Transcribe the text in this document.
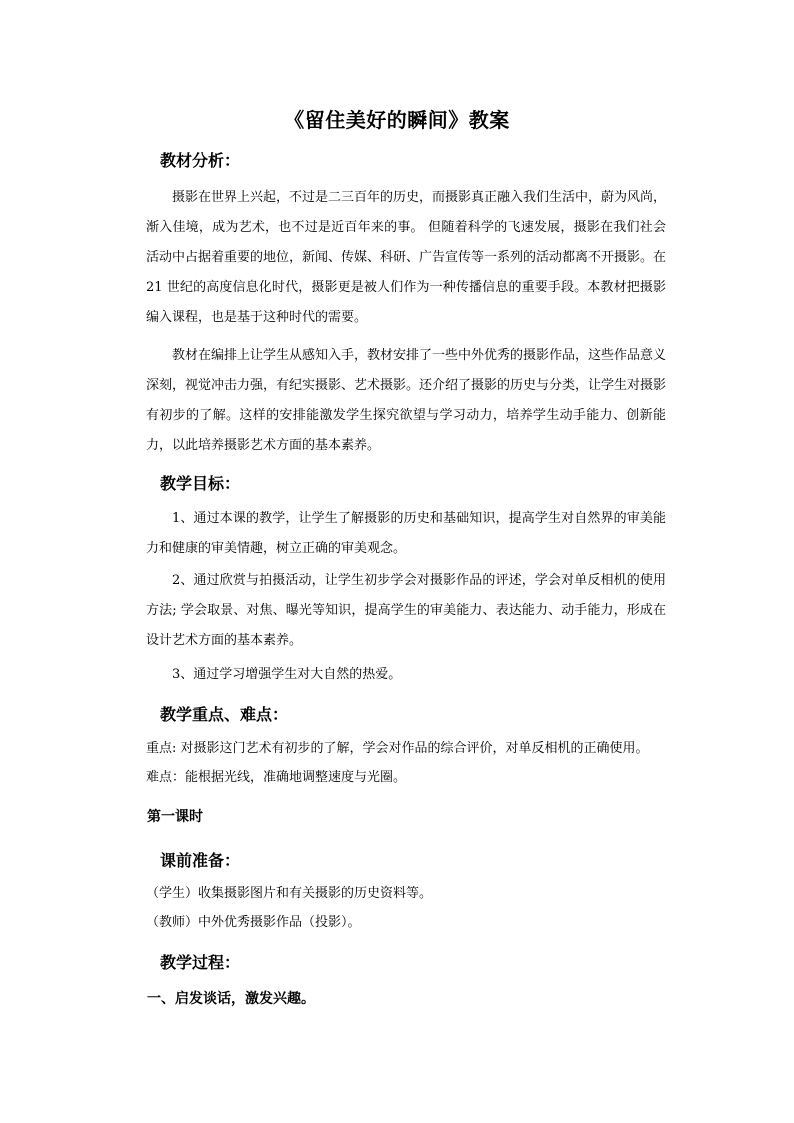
《留住美好的瞬间》教案
教材分析：

摄影在世界上兴起，不过是二三百年的历史，而摄影真正融入我们生活中，蔚为风尚，渐入佳境，成为艺术，也不过是近百年来的事。 但随着科学的飞速发展，摄影在我们社会活动中占据着重要的地位，新闻、传媒、科研、广告宣传等一系列的活动都离不开摄影。在 21 世纪的高度信息化时代，摄影更是被人们作为一种传播信息的重要手段。本教材把摄影编入课程，也是基于这种时代的需要。

教材在编排上让学生从感知入手，教材安排了一些中外优秀的摄影作品，这些作品意义深刻，视觉冲击力强，有纪实摄影、艺术摄影。还介绍了摄影的历史与分类，让学生对摄影有初步的了解。这样的安排能激发学生探究欲望与学习动力，培养学生动手能力、创新能力，以此培养摄影艺术方面的基本素养。

教学目标：

1、通过本课的教学，让学生了解摄影的历史和基础知识，提高学生对自然界的审美能力和健康的审美情趣，树立正确的审美观念。

2、通过欣赏与拍摄活动，让学生初步学会对摄影作品的评述，学会对单反相机的使用方法; 学会取景、对焦、曝光等知识，提高学生的审美能力、表达能力、动手能力，形成在设计艺术方面的基本素养。

3、通过学习增强学生对大自然的热爱。

教学重点、难点：
重点: 对摄影这门艺术有初步的了解，学会对作品的综合评价，对单反相机的正确使用。
难点：能根据光线，准确地调整速度与光圈。
第一课时
课前准备：
（学生）收集摄影图片和有关摄影的历史资料等。
（教师）中外优秀摄影作品（投影）。
教学过程：
一、启发谈话，激发兴趣。
